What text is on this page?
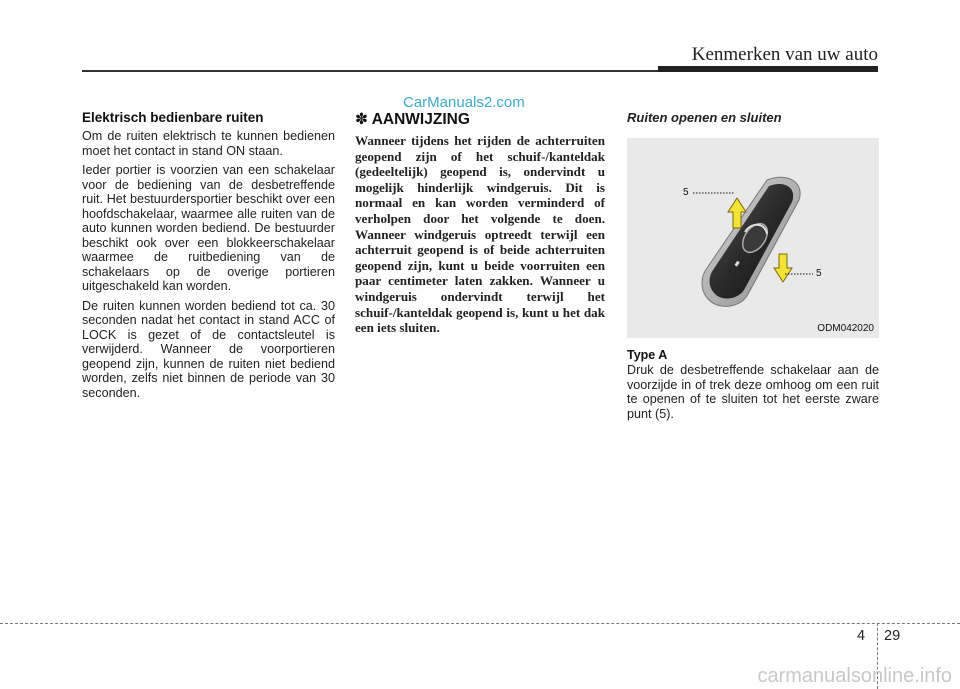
Kenmerken van uw auto
CarManuals2.com
Elektrisch bedienbare ruiten

Om de ruiten elektrisch te kunnen bedienen moet het contact in stand ON staan.

Ieder portier is voorzien van een schakelaar voor de bediening van de desbetreffende ruit. Het bestuurdersportier beschikt over een hoofdschakelaar, waarmee alle ruiten van de auto kunnen worden bediend. De bestuurder beschikt ook over een blokkeerschakelaar waarmee de ruitbediening van de schakelaars op de overige portieren uitgeschakeld kan worden.

De ruiten kunnen worden bediend tot ca. 30 seconden nadat het contact in stand ACC of LOCK is gezet of de contactsleutel is verwijderd. Wanneer de voorportieren geopend zijn, kunnen de ruiten niet bediend worden, zelfs niet binnen de periode van 30 seconden.

✽ AANWIJZING

Wanneer tijdens het rijden de achterruiten geopend zijn of het schuif-/kanteldak (gedeeltelijk) geopend is, ondervindt u mogelijk hinderlijk windgeruis. Dit is normaal en kan worden verminderd of verholpen door het volgende te doen. Wanneer windgeruis optreedt terwijl een achterruit geopend is of beide achterruiten geopend zijn, kunt u beide voorruiten een paar centimeter laten zakken. Wanneer u windgeruis ondervindt terwijl het schuif-/kanteldak geopend is, kunt u het dak een iets sluiten.

Ruiten openen en sluiten
5
5
ODM042020
Type A

Druk de desbetreffende schakelaar aan de voorzijde in of trek deze omhoog om een ruit te openen of te sluiten tot het eerste zware punt (5).

4 29
carmanualsonline.info
